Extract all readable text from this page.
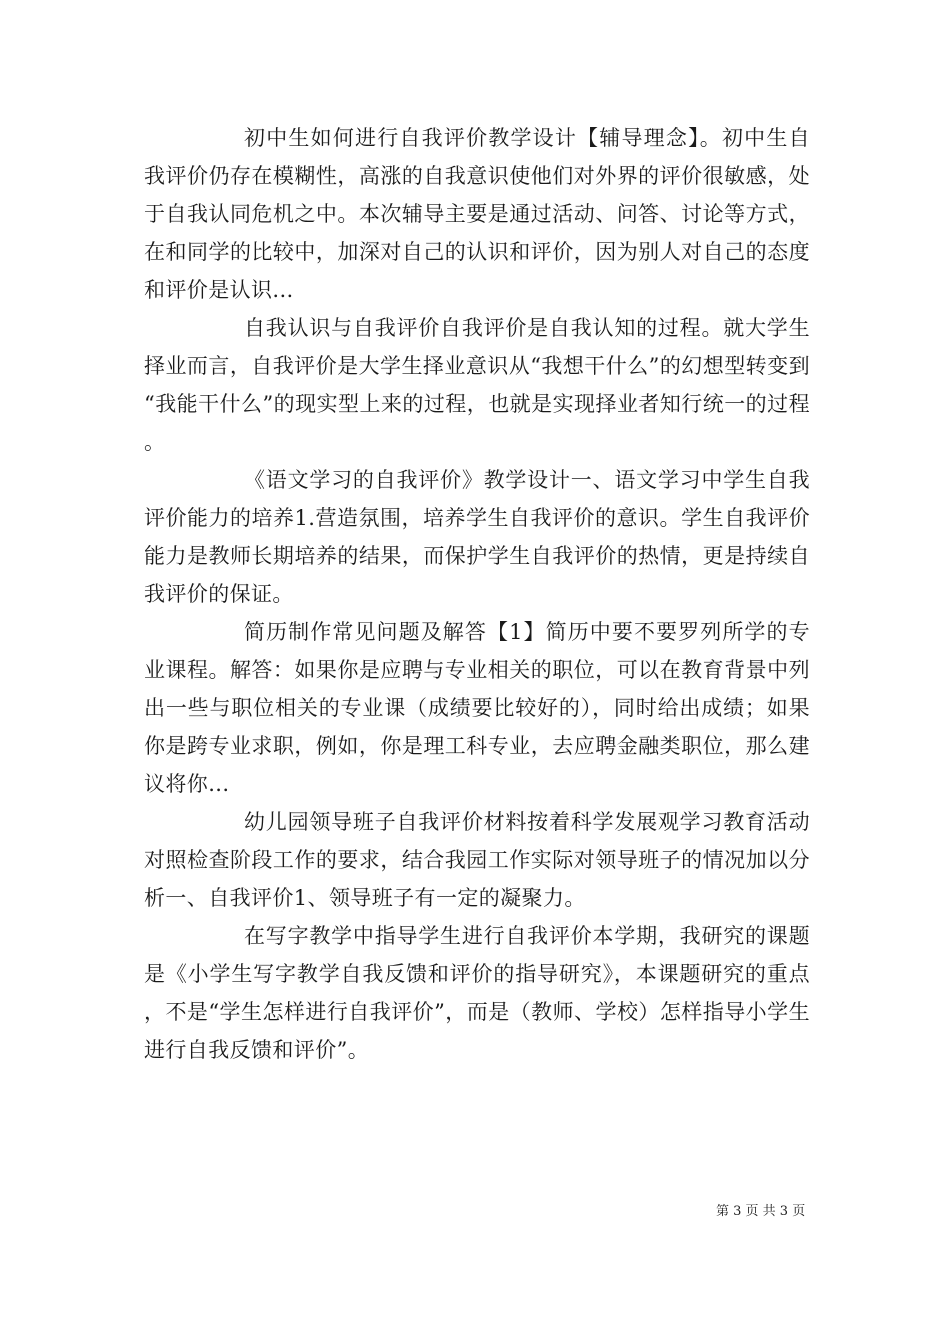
初中生如何进行自我评价教学设计【辅导理念】。初中生自我评价仍存在模糊性，高涨的自我意识使他们对外界的评价很敏感，处于自我认同危机之中。本次辅导主要是通过活动、问答、讨论等方式，在和同学的比较中，加深对自己的认识和评价，因为别人对自己的态度和评价是认识...

自我认识与自我评价自我评价是自我认知的过程。就大学生择业而言，自我评价是大学生择业意识从“我想干什么”的幻想型转变到“我能干什么”的现实型上来的过程，也就是实现择业者知行统一的过程。

《语文学习的自我评价》教学设计一、语文学习中学生自我评价能力的培养1.营造氛围，培养学生自我评价的意识。学生自我评价能力是教师长期培养的结果，而保护学生自我评价的热情，更是持续自我评价的保证。

简历制作常见问题及解答【1】简历中要不要罗列所学的专业课程。解答：如果你是应聘与专业相关的职位，可以在教育背景中列出一些与职位相关的专业课（成绩要比较好的），同时给出成绩；如果你是跨专业求职，例如，你是理工科专业，去应聘金融类职位，那么建议将你...

幼儿园领导班子自我评价材料按着科学发展观学习教育活动对照检查阶段工作的要求，结合我园工作实际对领导班子的情况加以分析一、自我评价1、领导班子有一定的凝聚力。

在写字教学中指导学生进行自我评价本学期，我研究的课题是《小学生写字教学自我反馈和评价的指导研究》，本课题研究的重点，不是“学生怎样进行自我评价”，而是（教师、学校）怎样指导小学生进行自我反馈和评价”。

第 3 页 共 3 页
